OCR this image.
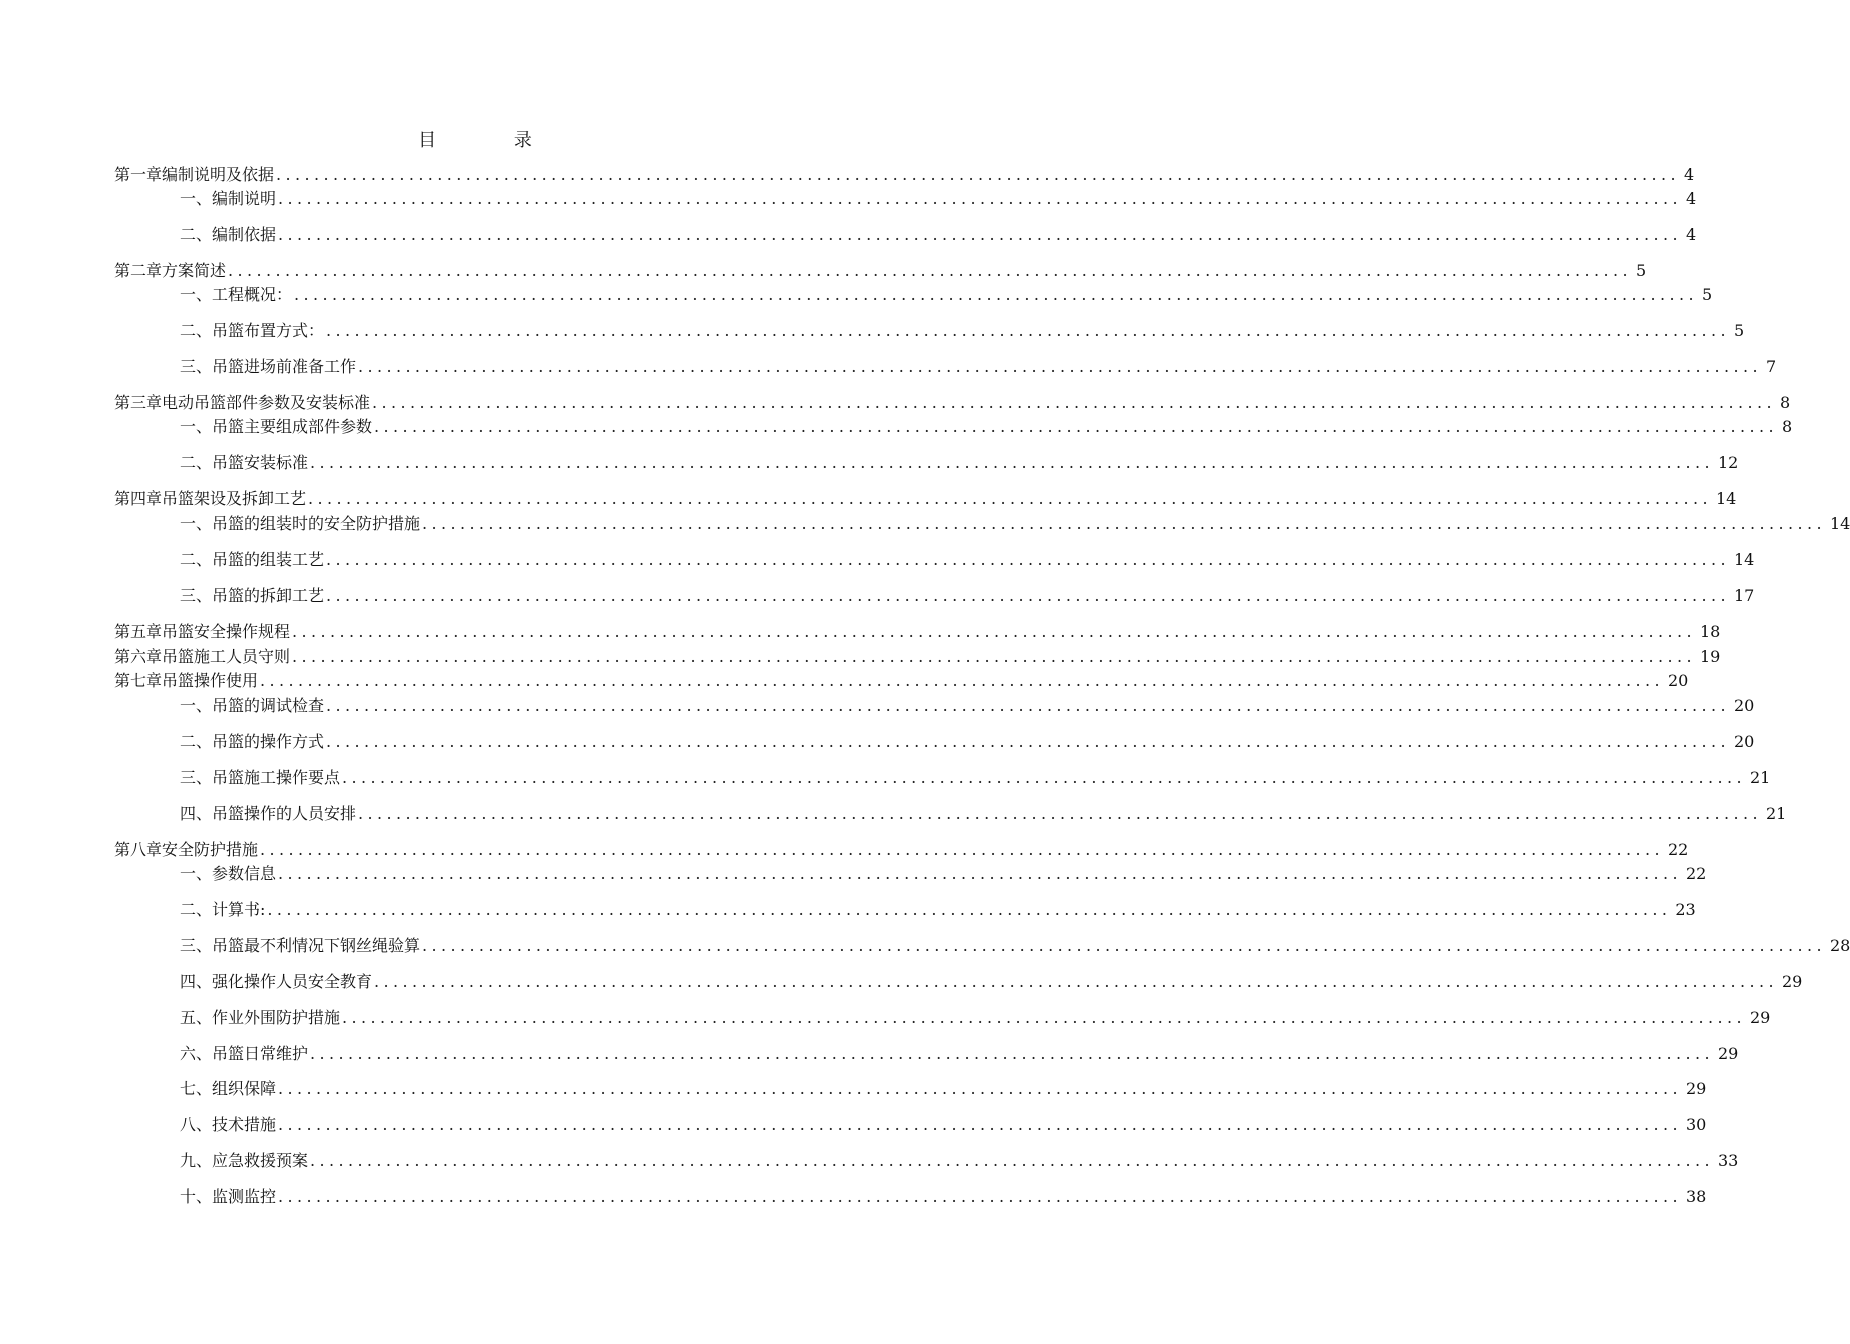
目 录
第一章 编制说明及依据 .................................................................................................................................................... 4
一、编制说明 .................................................................................................................................................... 4
二、编制依据 .................................................................................................................................................... 4
第二章 方案简述 .................................................................................................................................................... 5
一、工程概况： .................................................................................................................................................... 5
二、吊篮布置方式： .................................................................................................................................................... 5
三、吊篮进场前准备工作 .................................................................................................................................................... 7
第三章 电动吊篮部件参数及安装标准 .................................................................................................................................................... 8
一、吊篮主要组成部件参数 .................................................................................................................................................... 8
二、吊篮安装标准 .................................................................................................................................................... 12
第四章 吊篮架设及拆卸工艺 .................................................................................................................................................... 14
一、吊篮的组装时的安全防护措施 .................................................................................................................................................... 14
二、吊篮的组装工艺 .................................................................................................................................................... 14
三、吊篮的拆卸工艺 .................................................................................................................................................... 17
第五章 吊篮安全操作规程 .................................................................................................................................................... 18
第六章 吊篮施工人员守则 .................................................................................................................................................... 19
第七章 吊篮操作使用 .................................................................................................................................................... 20
一、吊篮的调试检查 .................................................................................................................................................... 20
二、吊篮的操作方式 .................................................................................................................................................... 20
三、吊篮施工操作要点 .................................................................................................................................................... 21
四、吊篮操作的人员安排 .................................................................................................................................................... 21
第八章 安全防护措施 .................................................................................................................................................... 22
一、参数信息 .................................................................................................................................................... 22
二、计算书: .................................................................................................................................................... 23
三、吊篮最不利情况下钢丝绳验算 .................................................................................................................................................... 28
四、强化操作人员安全教育 .................................................................................................................................................... 29
五、作业外围防护措施 .................................................................................................................................................... 29
六、吊篮日常维护 .................................................................................................................................................... 29
七、组织保障 .................................................................................................................................................... 29
八、技术措施 .................................................................................................................................................... 30
九、应急救援预案 .................................................................................................................................................... 33
十、监测监控 .................................................................................................................................................... 38
